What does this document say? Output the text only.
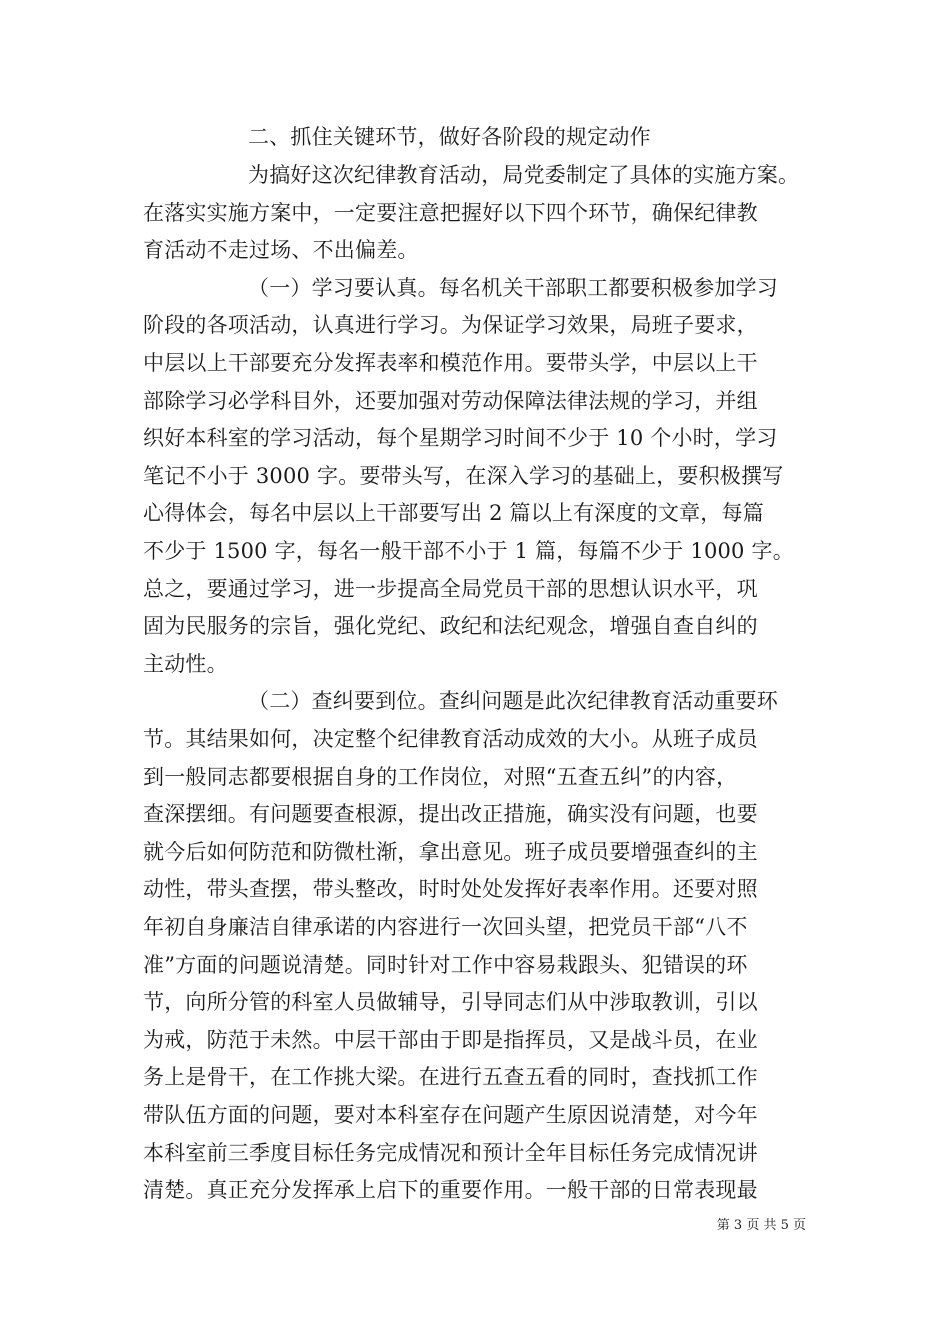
二、抓住关键环节，做好各阶段的规定动作
为搞好这次纪律教育活动，局党委制定了具体的实施方案。
在落实实施方案中，一定要注意把握好以下四个环节，确保纪律教
育活动不走过场、不出偏差。
（一）学习要认真。每名机关干部职工都要积极参加学习
阶段的各项活动，认真进行学习。为保证学习效果，局班子要求，
中层以上干部要充分发挥表率和模范作用。要带头学，中层以上干
部除学习必学科目外，还要加强对劳动保障法律法规的学习，并组
织好本科室的学习活动，每个星期学习时间不少于 10 个小时，学习
笔记不小于 3000 字。要带头写，在深入学习的基础上，要积极撰写
心得体会，每名中层以上干部要写出 2 篇以上有深度的文章，每篇
不少于 1500 字，每名一般干部不小于 1 篇，每篇不少于 1000 字。
总之，要通过学习，进一步提高全局党员干部的思想认识水平，巩
固为民服务的宗旨，强化党纪、政纪和法纪观念，增强自查自纠的
主动性。
（二）查纠要到位。查纠问题是此次纪律教育活动重要环
节。其结果如何，决定整个纪律教育活动成效的大小。从班子成员
到一般同志都要根据自身的工作岗位，对照“五查五纠”的内容，
查深摆细。有问题要查根源，提出改正措施，确实没有问题，也要
就今后如何防范和防微杜渐，拿出意见。班子成员要增强查纠的主
动性，带头查摆，带头整改，时时处处发挥好表率作用。还要对照
年初自身廉洁自律承诺的内容进行一次回头望，把党员干部“八不
准”方面的问题说清楚。同时针对工作中容易栽跟头、犯错误的环
节，向所分管的科室人员做辅导，引导同志们从中涉取教训，引以
为戒，防范于未然。中层干部由于即是指挥员，又是战斗员，在业
务上是骨干，在工作挑大梁。在进行五查五看的同时，查找抓工作
带队伍方面的问题，要对本科室存在问题产生原因说清楚，对今年
本科室前三季度目标任务完成情况和预计全年目标任务完成情况讲
清楚。真正充分发挥承上启下的重要作用。一般干部的日常表现最
第 3 页 共 5 页
